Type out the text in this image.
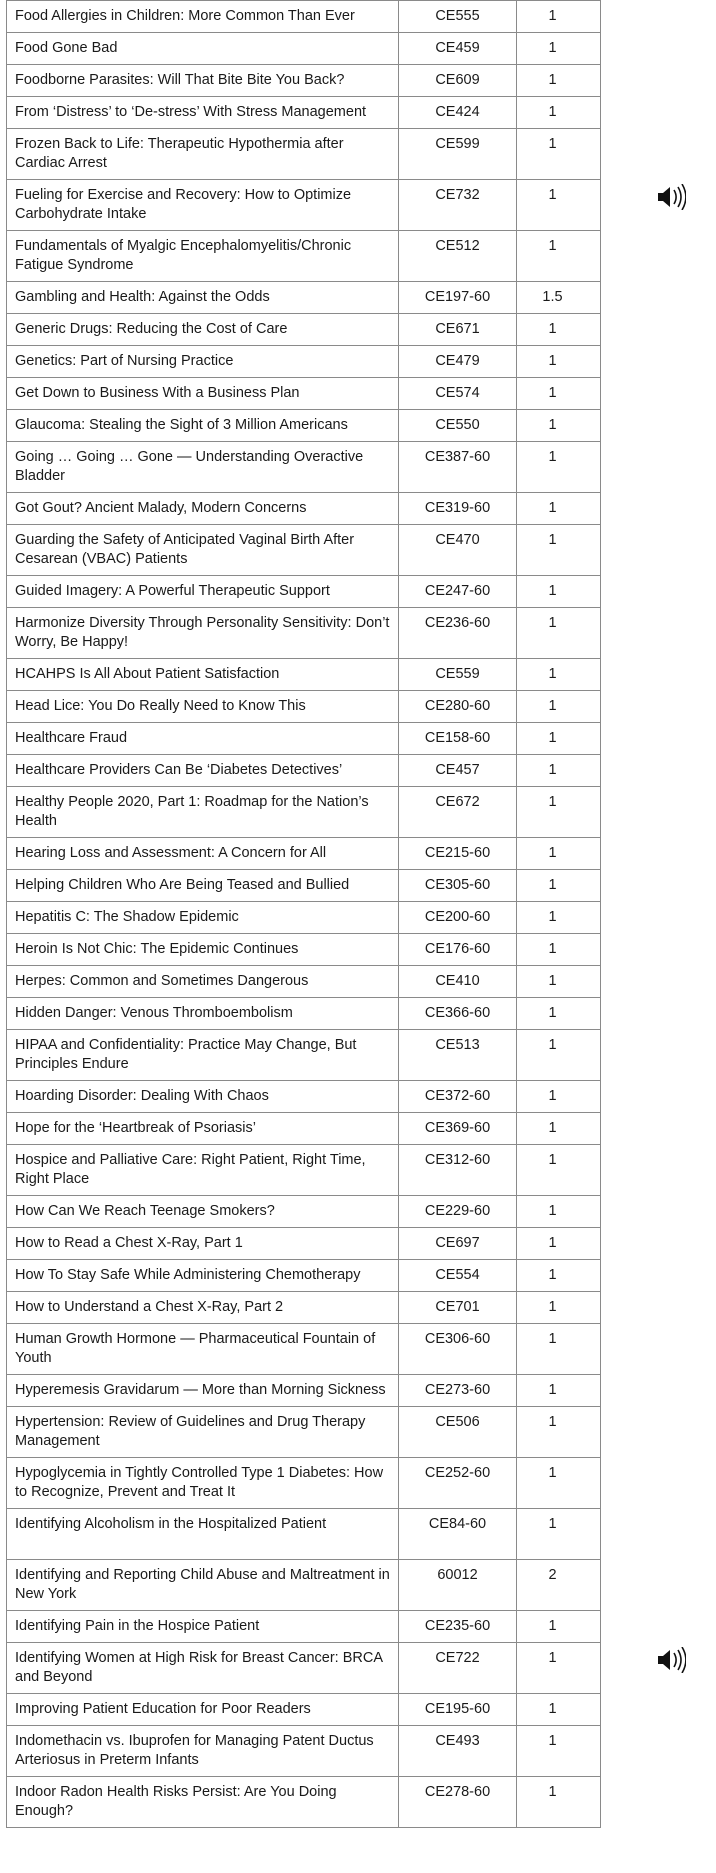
Food Allergies in Children: More Common Than Ever	CE555	1
Food Gone Bad	CE459	1
Foodborne Parasites: Will That Bite Bite You Back?	CE609	1
From ‘Distress’ to ‘De-stress’ With Stress Management	CE424	1
Frozen Back to Life: Therapeutic Hypothermia after Cardiac Arrest	CE599	1
Fueling for Exercise and Recovery: How to Optimize Carbohydrate Intake	CE732	1
Fundamentals of Myalgic Encephalomyelitis/Chronic Fatigue Syndrome	CE512	1
Gambling and Health: Against the Odds	CE197-60	1.5
Generic Drugs: Reducing the Cost of Care	CE671	1
Genetics: Part of Nursing Practice	CE479	1
Get Down to Business With a Business Plan	CE574	1
Glaucoma: Stealing the Sight of 3 Million Americans	CE550	1
Going … Going … Gone — Understanding Overactive Bladder	CE387-60	1
Got Gout? Ancient Malady, Modern Concerns	CE319-60	1
Guarding the Safety of Anticipated Vaginal Birth After Cesarean (VBAC) Patients	CE470	1
Guided Imagery: A Powerful Therapeutic Support	CE247-60	1
Harmonize Diversity Through Personality Sensitivity: Don’t Worry, Be Happy!	CE236-60	1
HCAHPS Is All About Patient Satisfaction	CE559	1
Head Lice: You Do Really Need to Know This	CE280-60	1
Healthcare Fraud	CE158-60	1
Healthcare Providers Can Be ‘Diabetes Detectives’	CE457	1
Healthy People 2020, Part 1: Roadmap for the Nation’s Health	CE672	1
Hearing Loss and Assessment: A Concern for All	CE215-60	1
Helping Children Who Are Being Teased and Bullied	CE305-60	1
Hepatitis C: The Shadow Epidemic	CE200-60	1
Heroin Is Not Chic: The Epidemic Continues	CE176-60	1
Herpes: Common and Sometimes Dangerous	CE410	1
Hidden Danger: Venous Thromboembolism	CE366-60	1
HIPAA and Confidentiality: Practice May Change, But Principles Endure	CE513	1
Hoarding Disorder: Dealing With Chaos	CE372-60	1
Hope for the ‘Heartbreak of Psoriasis’	CE369-60	1
Hospice and Palliative Care: Right Patient, Right Time, Right Place	CE312-60	1
How Can We Reach Teenage Smokers?	CE229-60	1
How to Read a Chest X-Ray, Part 1	CE697	1
How To Stay Safe While Administering Chemotherapy	CE554	1
How to Understand a Chest X-Ray, Part 2	CE701	1
Human Growth Hormone — Pharmaceutical Fountain of Youth	CE306-60	1
Hyperemesis Gravidarum — More than Morning Sickness	CE273-60	1
Hypertension: Review of Guidelines and Drug Therapy Management	CE506	1
Hypoglycemia in Tightly Controlled Type 1 Diabetes: How to Recognize, Prevent and Treat It	CE252-60	1
Identifying Alcoholism in the Hospitalized Patient	CE84-60	1
Identifying and Reporting Child Abuse and Maltreatment in New York	60012	2
Identifying Pain in the Hospice Patient	CE235-60	1
Identifying Women at High Risk for Breast Cancer: BRCA and Beyond	CE722	1
Improving Patient Education for Poor Readers	CE195-60	1
Indomethacin vs. Ibuprofen for Managing Patent Ductus Arteriosus in Preterm Infants	CE493	1
Indoor Radon Health Risks Persist: Are You Doing Enough?	CE278-60	1
